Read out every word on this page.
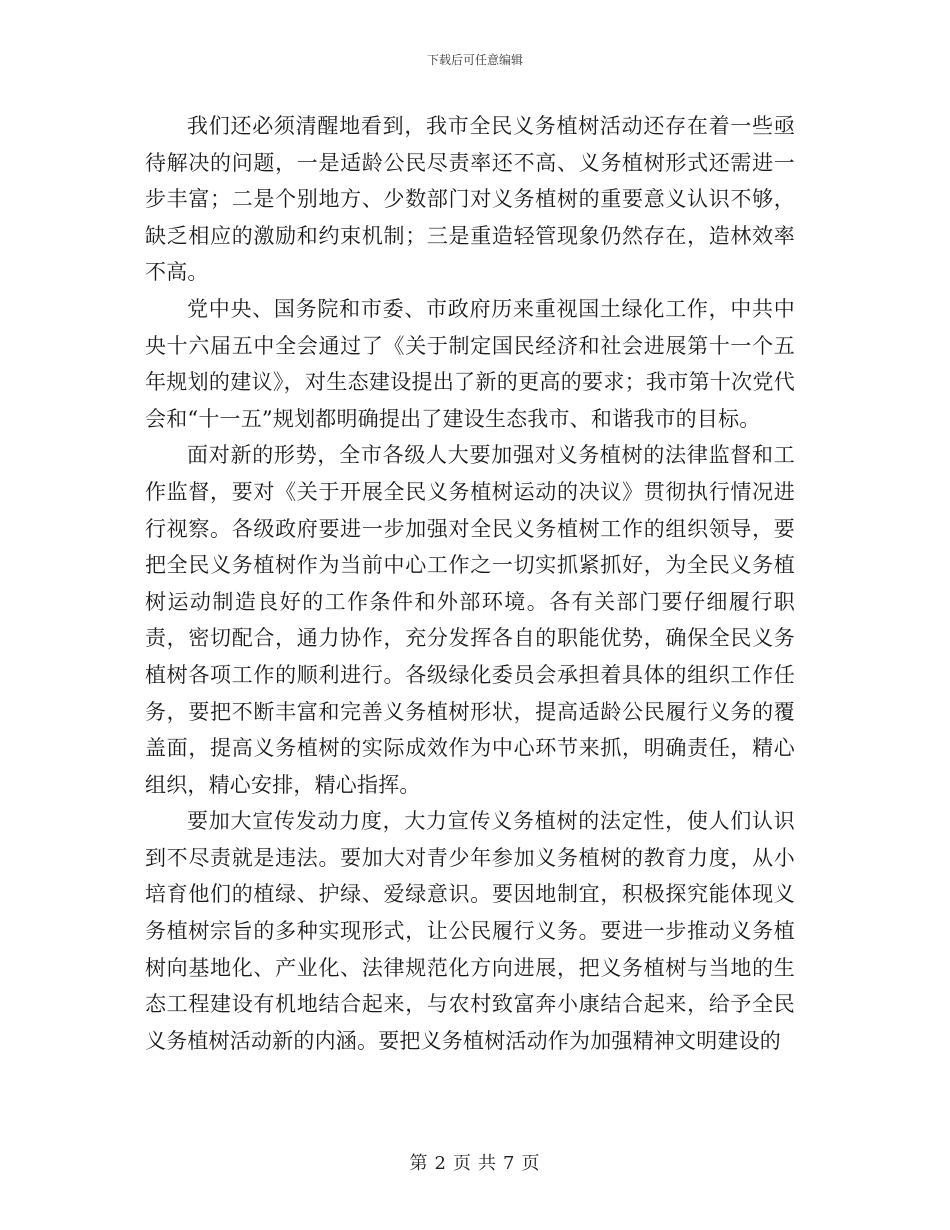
下载后可任意编辑

我们还必须清醒地看到，我市全民义务植树活动还存在着一些亟待解决的问题，一是适龄公民尽责率还不高、义务植树形式还需进一步丰富；二是个别地方、少数部门对义务植树的重要意义认识不够，缺乏相应的激励和约束机制；三是重造轻管现象仍然存在，造林效率不高。

党中央、国务院和市委、市政府历来重视国土绿化工作，中共中央十六届五中全会通过了《关于制定国民经济和社会进展第十一个五年规划的建议》，对生态建设提出了新的更高的要求；我市第十次党代会和“十一五”规划都明确提出了建设生态我市、和谐我市的目标。

面对新的形势，全市各级人大要加强对义务植树的法律监督和工作监督，要对《关于开展全民义务植树运动的决议》贯彻执行情况进行视察。各级政府要进一步加强对全民义务植树工作的组织领导，要把全民义务植树作为当前中心工作之一切实抓紧抓好，为全民义务植树运动制造良好的工作条件和外部环境。各有关部门要仔细履行职责，密切配合，通力协作，充分发挥各自的职能优势，确保全民义务植树各项工作的顺利进行。各级绿化委员会承担着具体的组织工作任务，要把不断丰富和完善义务植树形状，提高适龄公民履行义务的覆盖面，提高义务植树的实际成效作为中心环节来抓，明确责任，精心组织，精心安排，精心指挥。

要加大宣传发动力度，大力宣传义务植树的法定性，使人们认识到不尽责就是违法。要加大对青少年参加义务植树的教育力度，从小培育他们的植绿、护绿、爱绿意识。要因地制宜，积极探究能体现义务植树宗旨的多种实现形式，让公民履行义务。要进一步推动义务植树向基地化、产业化、法律规范化方向进展，把义务植树与当地的生态工程建设有机地结合起来，与农村致富奔小康结合起来，给予全民义务植树活动新的内涵。要把义务植树活动作为加强精神文明建设的

第 2 页 共 7 页
